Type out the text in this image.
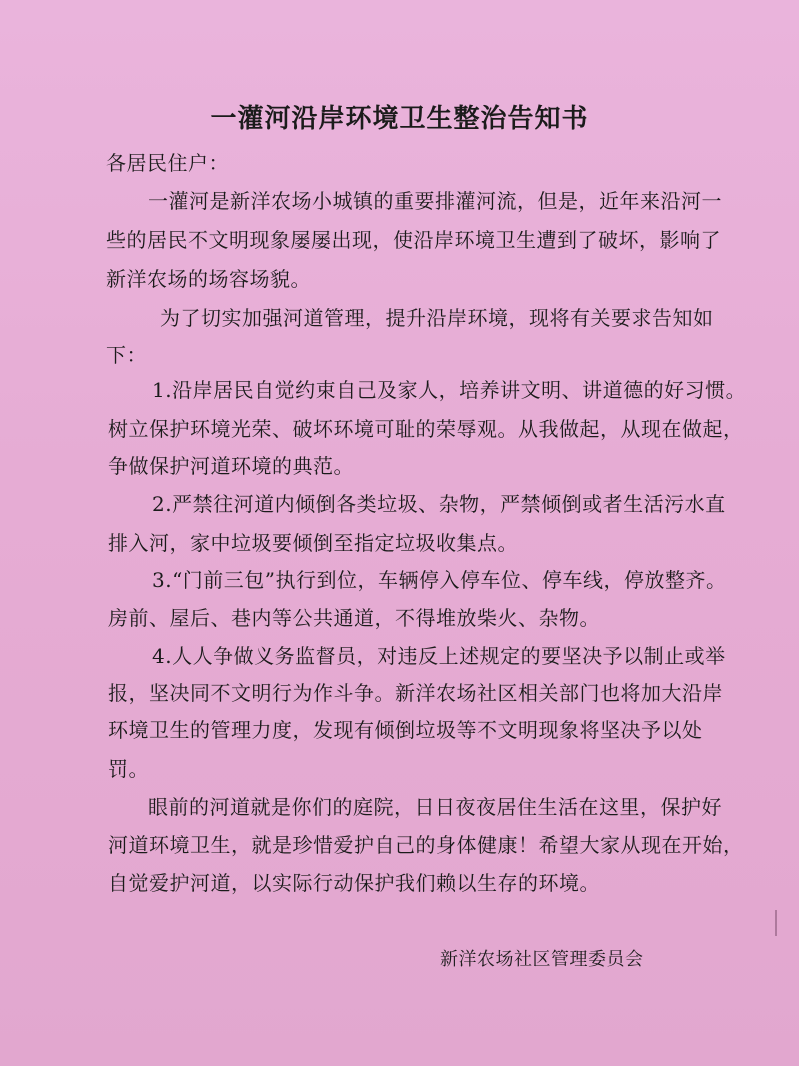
一灌河沿岸环境卫生整治告知书

各居民住户：

一灌河是新洋农场小城镇的重要排灌河流，但是，近年来沿河一

些的居民不文明现象屡屡出现，使沿岸环境卫生遭到了破坏，影响了

新洋农场的场容场貌。

为了切实加强河道管理，提升沿岸环境，现将有关要求告知如

下：

1.沿岸居民自觉约束自己及家人，培养讲文明、讲道德的好习惯。

树立保护环境光荣、破坏环境可耻的荣辱观。从我做起，从现在做起，

争做保护河道环境的典范。

2.严禁往河道内倾倒各类垃圾、杂物，严禁倾倒或者生活污水直

排入河，家中垃圾要倾倒至指定垃圾收集点。

3.“门前三包”执行到位，车辆停入停车位、停车线，停放整齐。

房前、屋后、巷内等公共通道，不得堆放柴火、杂物。

4.人人争做义务监督员，对违反上述规定的要坚决予以制止或举

报，坚决同不文明行为作斗争。新洋农场社区相关部门也将加大沿岸

环境卫生的管理力度，发现有倾倒垃圾等不文明现象将坚决予以处

罚。

眼前的河道就是你们的庭院，日日夜夜居住生活在这里，保护好

河道环境卫生，就是珍惜爱护自己的身体健康！希望大家从现在开始，

自觉爱护河道，以实际行动保护我们赖以生存的环境。

新洋农场社区管理委员会
